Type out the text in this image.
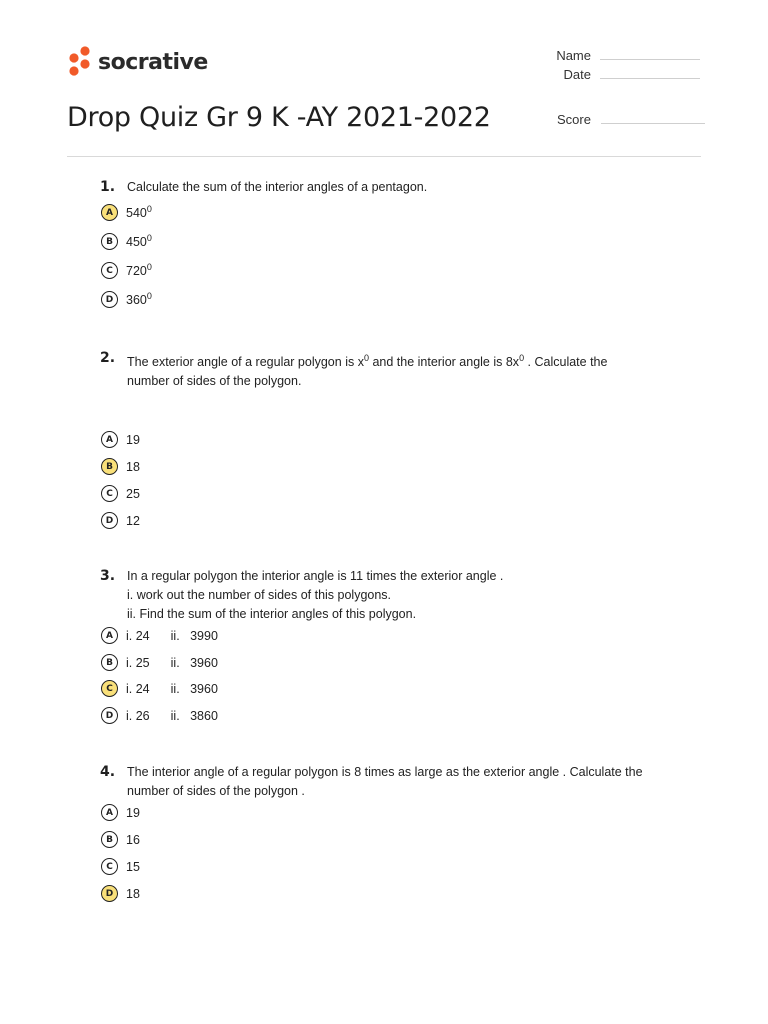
socrative
Drop Quiz Gr 9 K -AY 2021-2022
Name
Date
Score
1. Calculate the sum of the interior angles of a pentagon.
A	$540^0$
B	$450^0$
C	$720^0$
D	$360^0$
2. The exterior angle of a regular polygon is $x^0$ and the interior angle is $8x^0$ . Calculate the
number of sides of the polygon.
A	19
B	18
C	25
D	12
3. In a regular polygon the interior angle is 11 times the exterior angle .
i. work out the number of sides of this polygons.
ii. Find the sum of the interior angles of this polygon.
A	i. 24 ii.   3990
B	i. 25 ii.   3960
C	i. 24 ii.   3960
D	i. 26 ii.   3860
4. The interior angle of a regular polygon is 8 times as large as the exterior angle . Calculate the
number of sides of the polygon .
A	19
B	16
C	15
D	18
